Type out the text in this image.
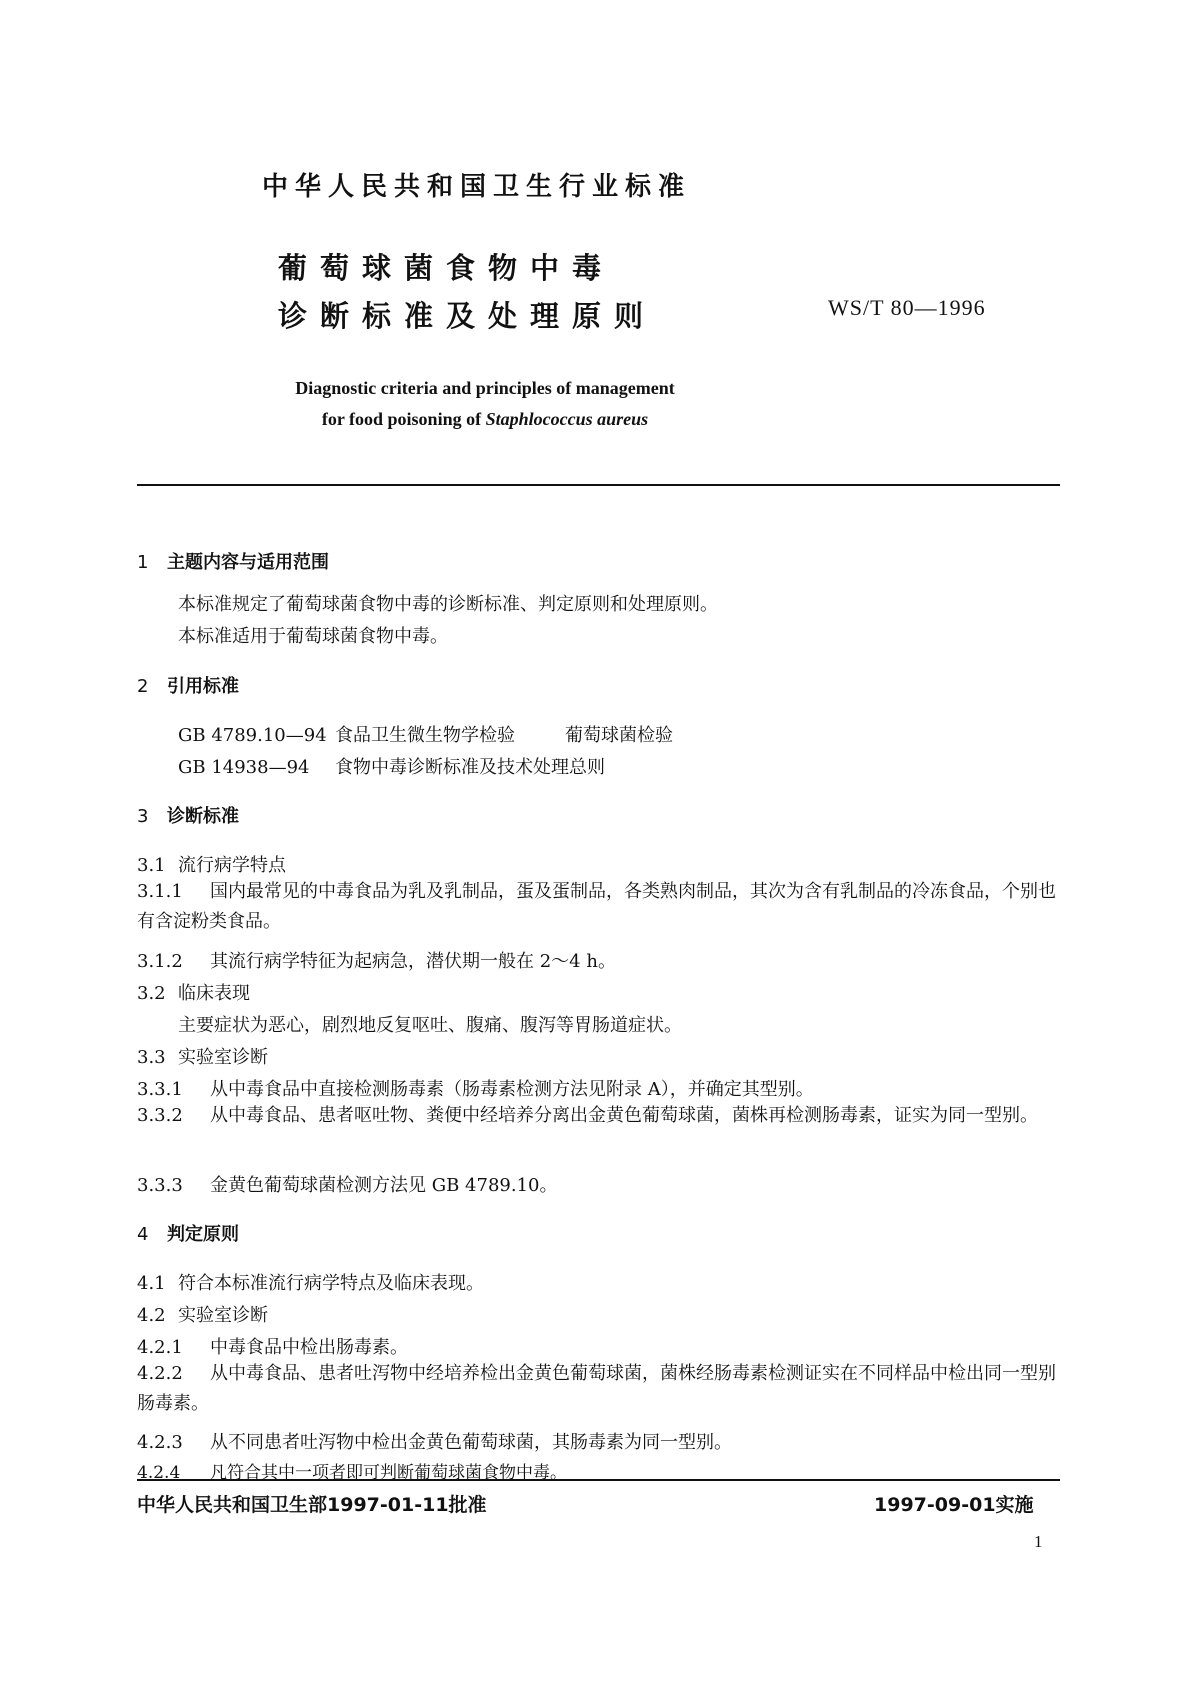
中华人民共和国卫生行业标准
葡萄球菌食物中毒
诊断标准及处理原则	WS/T 80—1996
Diagnostic criteria and principles of management
for food poisoning of Staphlococcus aureus
1 主题内容与适用范围
本标准规定了葡萄球菌食物中毒的诊断标准、判定原则和处理原则。
本标准适用于葡萄球菌食物中毒。
2 引用标准
GB 4789.10—94 食品卫生微生物学检验	葡萄球菌检验
GB 14938—94 食物中毒诊断标准及技术处理总则
3 诊断标准
3.1 流行病学特点
3.1.1 国内最常见的中毒食品为乳及乳制品，蛋及蛋制品，各类熟肉制品，其次为含有乳制品的冷冻食品，个别也有含淀粉类食品。
3.1.2 其流行病学特征为起病急，潜伏期一般在 2～4 h。
3.2 临床表现
主要症状为恶心，剧烈地反复呕吐、腹痛、腹泻等胃肠道症状。
3.3 实验室诊断
3.3.1 从中毒食品中直接检测肠毒素（肠毒素检测方法见附录 A），并确定其型别。
3.3.2 从中毒食品、患者呕吐物、粪便中经培养分离出金黄色葡萄球菌，菌株再检测肠毒素，证实为同一型别。
3.3.3 金黄色葡萄球菌检测方法见 GB 4789.10。
4 判定原则
4.1 符合本标准流行病学特点及临床表现。
4.2 实验室诊断
4.2.1 中毒食品中检出肠毒素。
4.2.2 从中毒食品、患者吐泻物中经培养检出金黄色葡萄球菌，菌株经肠毒素检测证实在不同样品中检出同一型别肠毒素。
4.2.3 从不同患者吐泻物中检出金黄色葡萄球菌，其肠毒素为同一型别。
4.2.4 凡符合其中一项者即可判断葡萄球菌食物中毒。
中华人民共和国卫生部1997-01-11批准	1997-09-01实施
1
